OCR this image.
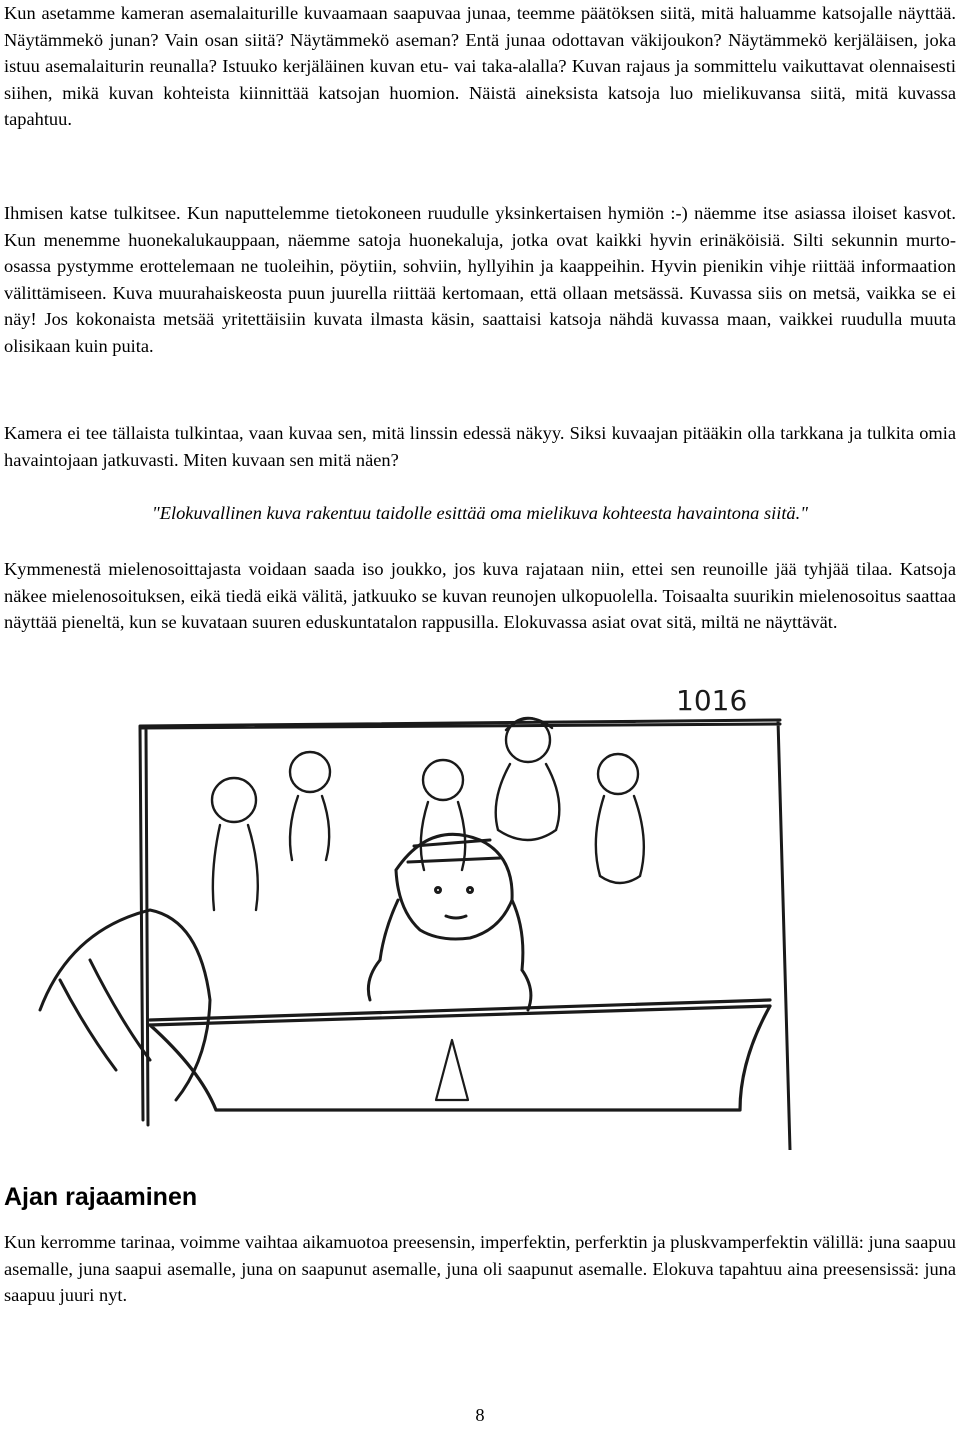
Kun asetamme kameran asemalaiturille kuvaamaan saapuvaa junaa, teemme päätöksen siitä, mitä haluamme katsojalle näyttää. Näytämmekö junan? Vain osan siitä? Näytämmekö aseman? Entä junaa odottavan väkijoukon? Näytämmekö kerjäläisen, joka istuu asemalaiturin reunalla? Istuuko kerjäläinen kuvan etu- vai taka-alalla? Kuvan rajaus ja sommittelu vaikuttavat olennaisesti siihen, mikä kuvan kohteista kiinnittää katsojan huomion. Näistä aineksista katsoja luo mielikuvansa siitä, mitä kuvassa tapahtuu.

Ihmisen katse tulkitsee. Kun naputtelemme tietokoneen ruudulle yksinkertaisen hymiön :-) näemme itse asiassa iloiset kasvot. Kun menemme huonekalukauppaan, näemme satoja huonekaluja, jotka ovat kaikki hyvin erinäköisiä. Silti sekunnin murto-osassa pystymme erottelemaan ne tuoleihin, pöytiin, sohviin, hyllyihin ja kaappeihin. Hyvin pienikin vihje riittää informaation välittämiseen. Kuva muurahaiskeosta puun juurella riittää kertomaan, että ollaan metsässä. Kuvassa siis on metsä, vaikka se ei näy! Jos kokonaista metsää yritettäisiin kuvata ilmasta käsin, saattaisi katsoja nähdä kuvassa maan, vaikkei ruudulla muuta olisikaan kuin puita.

Kamera ei tee tällaista tulkintaa, vaan kuvaa sen, mitä linssin edessä näkyy. Siksi kuvaajan pitääkin olla tarkkana ja tulkita omia havaintojaan jatkuvasti. Miten kuvaan sen mitä näen?

"Elokuvallinen kuva rakentuu taidolle esittää oma mielikuva kohteesta havaintona siitä."

Kymmenestä mielenosoittajasta voidaan saada iso joukko, jos kuva rajataan niin, ettei sen reunoille jää tyhjää tilaa. Katsoja näkee mielenosoituksen, eikä tiedä eikä välitä, jatkuuko se kuvan reunojen ulkopuolella. Toisaalta suurikin mielenosoitus saattaa näyttää pieneltä, kun se kuvataan suuren eduskuntatalon rappusilla. Elokuvassa asiat ovat sitä, miltä ne näyttävät.

1016
Ajan rajaaminen

Kun kerromme tarinaa, voimme vaihtaa aikamuotoa preesensin, imperfektin, perferktin ja pluskvamperfektin välillä: juna saapuu asemalle, juna saapui asemalle, juna on saapunut asemalle, juna oli saapunut asemalle. Elokuva tapahtuu aina preesensissä: juna saapuu juuri nyt.

8
